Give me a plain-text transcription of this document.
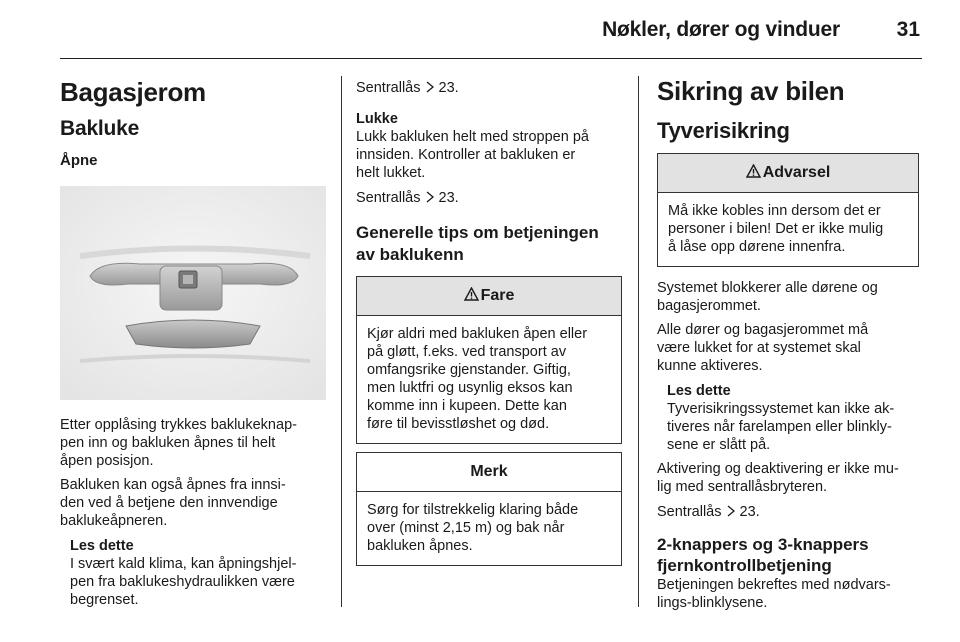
Nøkler, dører og vinduer	31
Bagasjerom
Bakluke
Åpne
Etter opplåsing trykkes baklukeknap-
pen inn og bakluken åpnes til helt
åpen posisjon.
Bakluken kan også åpnes fra innsi-
den ved å betjene den innvendige
baklukeåpneren.
Les dette
I svært kald klima, kan åpningshjel-
pen fra baklukeshydraulikken være
begrenset.
Sentrallås 23.
Lukke
Lukk bakluken helt med stroppen på
innsiden. Kontroller at bakluken er
helt lukket.
Sentrallås 23.
Generelle tips om betjeningen
av baklukenn
Fare
Kjør aldri med bakluken åpen eller
på gløtt, f.eks. ved transport av
omfangsrike gjenstander. Giftig,
men luktfri og usynlig eksos kan
komme inn i kupeen. Dette kan
føre til bevisstløshet og død.
Merk
Sørg for tilstrekkelig klaring både
over (minst 2,15 m) og bak når
bakluken åpnes.
Sikring av bilen
Tyverisikring
Advarsel
Må ikke kobles inn dersom det er
personer i bilen! Det er ikke mulig
å låse opp dørene innenfra.
Systemet blokkerer alle dørene og
bagasjerommet.
Alle dører og bagasjerommet må
være lukket for at systemet skal
kunne aktiveres.
Les dette
Tyverisikringssystemet kan ikke ak-
tiveres når farelampen eller blinkly-
sene er slått på.
Aktivering og deaktivering er ikke mu-
lig med sentrallåsbryteren.
Sentrallås 23.
2-knappers og 3-knappers
fjernkontrollbetjening
Betjeningen bekreftes med nødvars-
lings-blinklysene.
